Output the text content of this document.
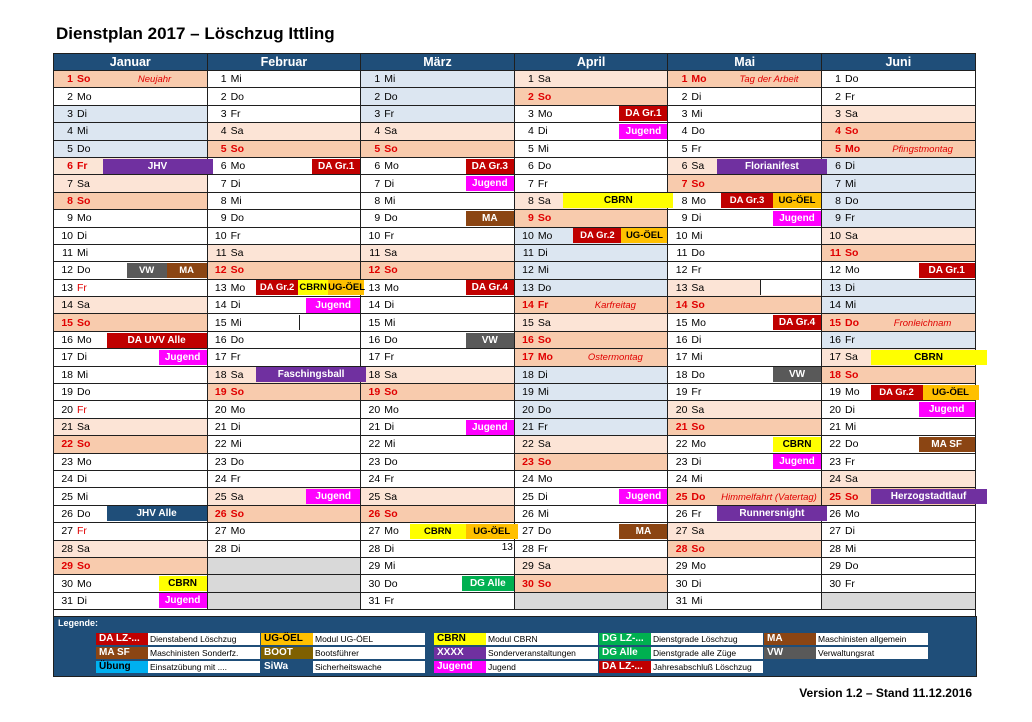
Dienstplan 2017 – Löschzug Ittling
Januar		Februar		März		April		Mai		Juni	
1 So	Neujahr	1 Mi		1 Mi		1 Sa		1 Mo	Tag der Arbeit	1 Do	
2 Mo		2 Do		2 Do		2 So		2 Di		2 Fr	
3 Di		3 Fr		3 Fr		3 Mo	DA Gr.1	3 Mi		3 Sa	
4 Mi		4 Sa		4 Sa		4 Di	Jugend	4 Do		4 So	
5 Do		5 So		5 So		5 Mi		5 Fr		5 Mo	Pfingstmontag
6 Fr	JHV	6 Mo	DA Gr.1	6 Mo	DA Gr.3	6 Do		6 Sa	Florianifest	6 Di	
7 Sa		7 Di		7 Di	Jugend	7 Fr		7 So		7 Mi	
8 So		8 Mi		8 Mi		8 Sa	CBRN	8 Mo	DA Gr.3 UG-ÖEL	8 Do	
9 Mo		9 Do		9 Do	MA	9 So		9 Di	Jugend	9 Fr	
10 Di		10 Fr		10 Fr		10 Mo	DA Gr.2 UG-ÖEL	10 Mi		10 Sa	
11 Mi		11 Sa		11 Sa		11 Di		11 Do		11 So	
12 Do	VW MA	12 So		12 So		12 Mi		12 Fr		12 Mo	DA Gr.1

13 Fr		13 Mo	DA Gr.2 CBRNUG-ÖEL	13 Mo	DA Gr.4	13 Do		13 Sa		13 Di	
14 Sa		14 Di	Jugend	14 Di		14 Fr	Karfreitag	14 So		14 Mi	
15 So		15 Mi		15 Mi		15 Sa		15 Mo	DA Gr.4	15 Do	Fronleichnam
16 Mo	DA UVV Alle	16 Do		16 Do	VW	16 So		16 Di		16 Fr	
17 Di	Jugend	17 Fr		17 Fr		17 Mo	Ostermontag	17 Mi		17 Sa	CBRN

18 Mi		18 Sa	Faschingsball	18 Sa		18 Di		18 Do	VW	18 So	
19 Do		19 So		19 So		19 Mi		19 Fr		19 Mo	DA Gr.2 UG-ÖEL
20 Fr		20 Mo		20 Mo		20 Do		20 Sa		20 Di	Jugend

21 Sa		21 Di		21 Di	Jugend	21 Fr		21 So		21 Mi	
22 So		22 Mi		22 Mi		22 Sa		22 Mo	CBRN	22 Do	MA SF

23 Mo		23 Do		23 Do		23 So		23 Di	Jugend	23 Fr	
24 Di		24 Fr		24 Fr		24 Mo		24 Mi		24 Sa	
25 Mi		25 Sa	Jugend	25 Sa		25 Di	Jugend	25 Do	Himmelfahrt (Vatertag)	25 So	Herzogstadtlauf

26 Do	JHV Alle	26 So		26 So		26 Mi		26 Fr	Runnersnight	26 Mo	
27 Fr		27 Mo		27 Mo	CBRN UG-ÖEL	27 Do	MA	27 Sa		27 Di	
28 Sa		28 Di		28 Di	13	28 Fr		28 So		28 Mi	
29 So				29 Mi		29 Sa		29 Mo		29 Do	
30 Mo	CBRN			30 Do	DG Alle	30 So		30 Di		30 Fr	
31 Di	Jugend			31 Fr				31 Mi			

Legende:
DA LZ-...	Dienstabend Löschzug	UG-ÖEL	Modul UG-ÖEL	CBRN	Modul CBRN	DG LZ-...	Dienstgrade Löschzug	MA	Maschinisten allgemein
MA SF	Maschinisten Sonderfz.	BOOT	Bootsführer	XXXX	Sonderveranstaltungen	DG Alle	Dienstgrade alle Züge	VW	Verwaltungsrat
Übung	Einsatzübung mit ....	SiWa	Sicherheitswache	Jugend	Jugend	DA LZ-...	Jahresabschluß Löschzug
Version 1.2 – Stand 11.12.2016
